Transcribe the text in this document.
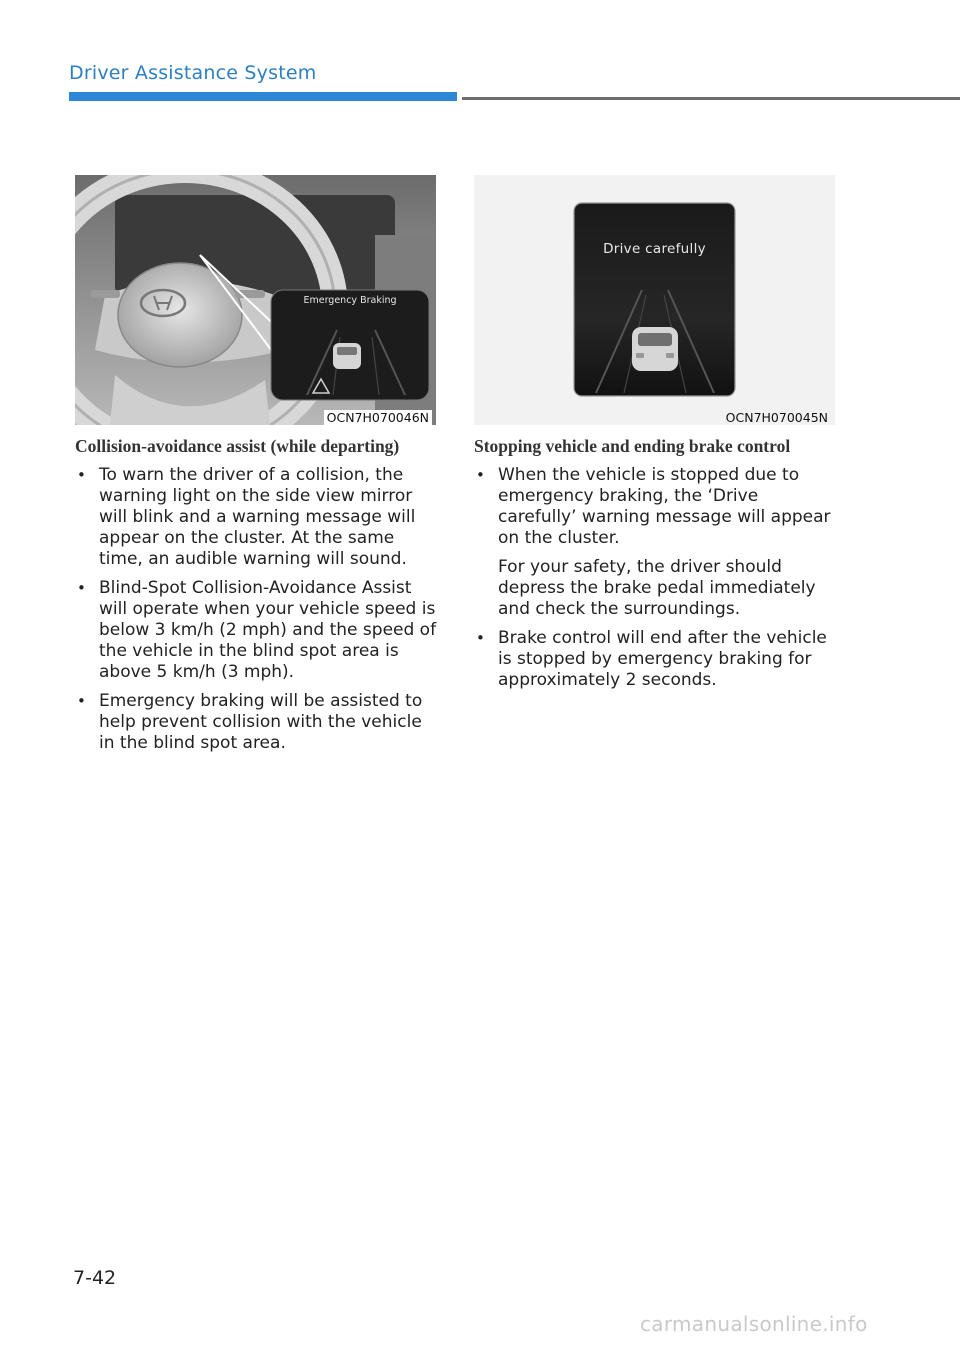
Driver Assistance System
Emergency Braking
OCN7H070046N
Drive carefully
OCN7H070045N
Collision-avoidance assist (while departing)
• To warn the driver of a collision, the warning light on the side view mirror will blink and a warning message will appear on the cluster. At the same time, an audible warning will sound.
• Blind-Spot Collision-Avoidance Assist will operate when your vehicle speed is below 3 km/h (2 mph) and the speed of the vehicle in the blind spot area is above 5 km/h (3 mph).
• Emergency braking will be assisted to help prevent collision with the vehicle in the blind spot area.
Stopping vehicle and ending brake control
• When the vehicle is stopped due to emergency braking, the ‘Drive carefully’ warning message will appear on the cluster.
For your safety, the driver should depress the brake pedal immediately and check the surroundings.
• Brake control will end after the vehicle is stopped by emergency braking for approximately 2 seconds.
7-42
carmanualsonline.info
